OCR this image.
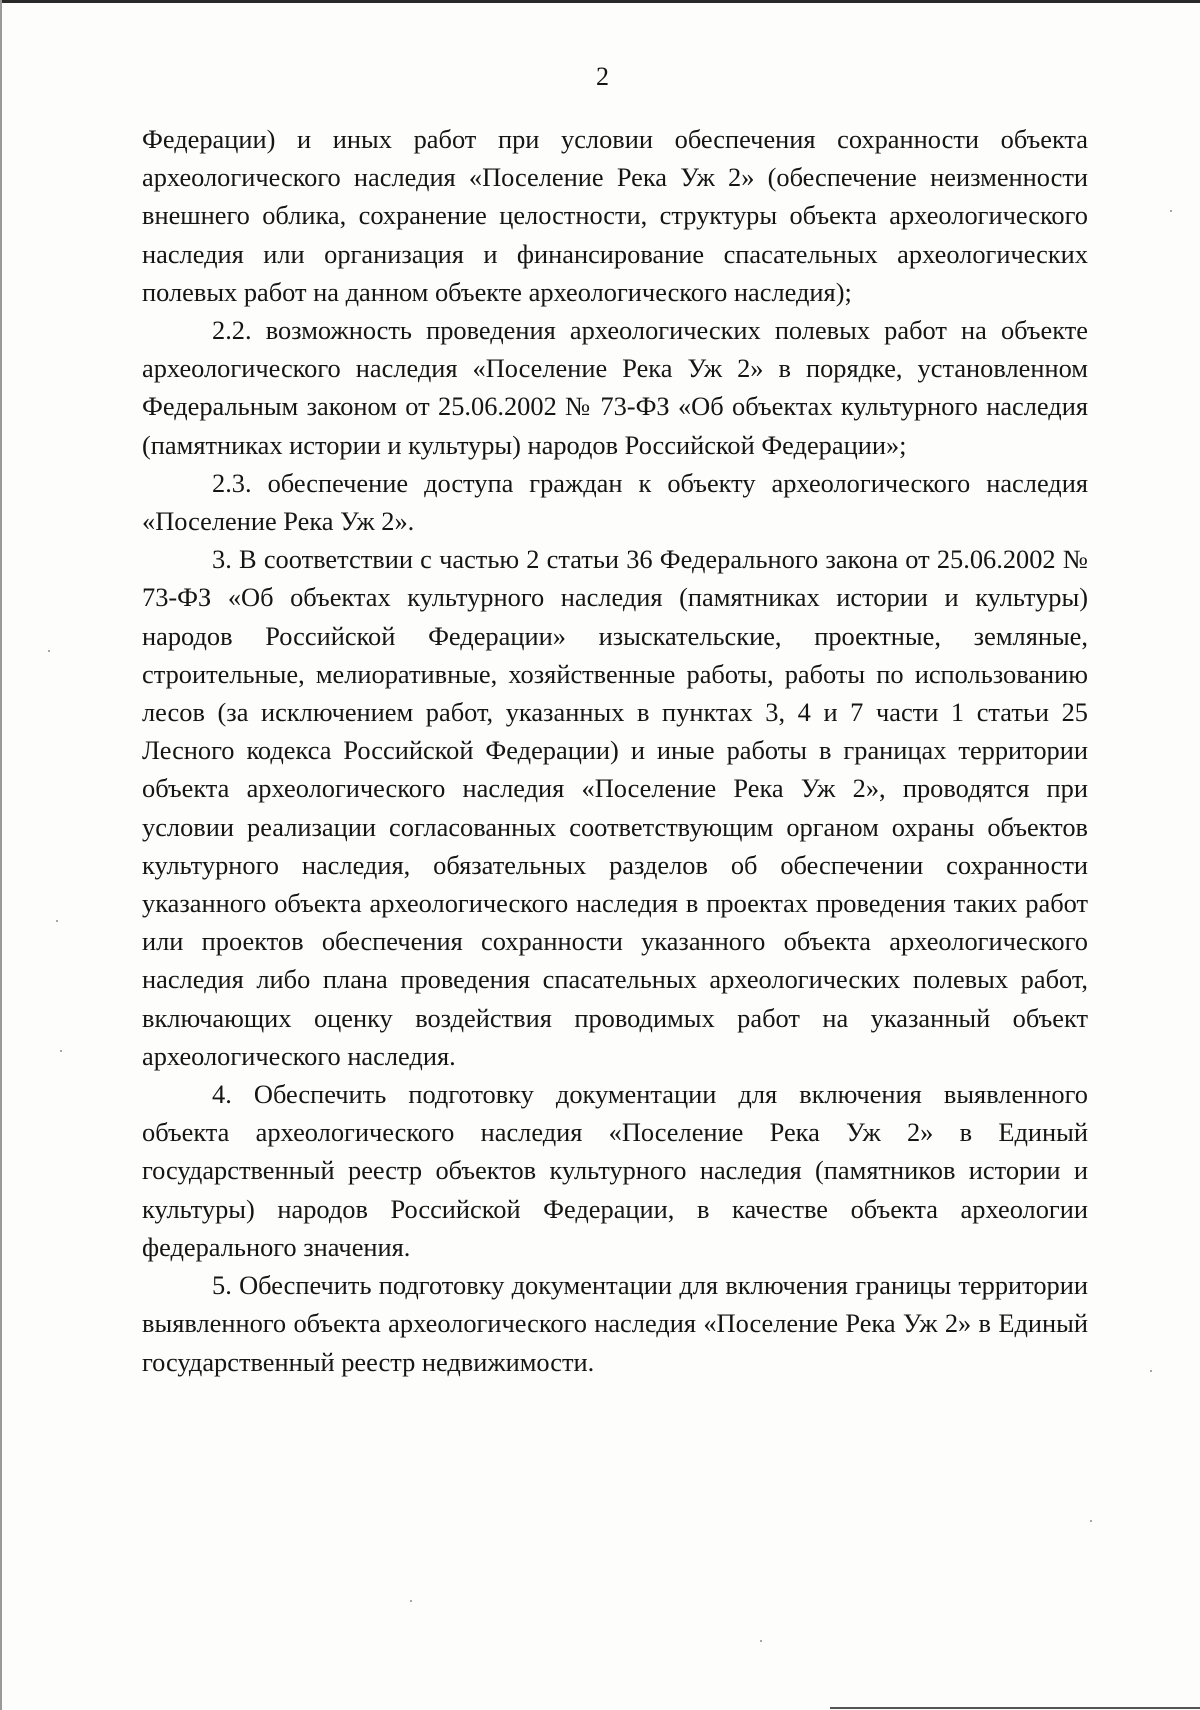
2

Федерации) и иных работ при условии обеспечения сохранности объекта археологического наследия «Поселение Река Уж 2» (обеспечение неизменности внешнего облика, сохранение целостности, структуры объекта археологического наследия или организация и финансирование спасательных археологических полевых работ на данном объекте археологического наследия);

2.2. возможность проведения археологических полевых работ на объекте археологического наследия «Поселение Река Уж 2» в порядке, установленном Федеральным законом от 25.06.2002 № 73-ФЗ «Об объектах культурного наследия (памятниках истории и культуры) народов Российской Федерации»;

2.3. обеспечение доступа граждан к объекту археологического наследия «Поселение Река Уж 2».

3. В соответствии с частью 2 статьи 36 Федерального закона от 25.06.2002 № 73-ФЗ «Об объектах культурного наследия (памятниках истории и культуры) народов Российской Федерации» изыскательские, проектные, земляные, строительные, мелиоративные, хозяйственные работы, работы по использованию лесов (за исключением работ, указанных в пунктах 3, 4 и 7 части 1 статьи 25 Лесного кодекса Российской Федерации) и иные работы в границах территории объекта археологического наследия «Поселение Река Уж 2», проводятся при условии реализации согласованных соответствующим органом охраны объектов культурного наследия, обязательных разделов об обеспечении сохранности указанного объекта археологического наследия в проектах проведения таких работ или проектов обеспечения сохранности указанного объекта археологического наследия либо плана проведения спасательных археологических полевых работ, включающих оценку воздействия проводимых работ на указанный объект археологического наследия.

4. Обеспечить подготовку документации для включения выявленного объекта археологического наследия «Поселение Река Уж 2» в Единый государственный реестр объектов культурного наследия (памятников истории и культуры) народов Российской Федерации, в качестве объекта археологии федерального значения.

5. Обеспечить подготовку документации для включения границы территории выявленного объекта археологического наследия «Поселение Река Уж 2» в Единый государственный реестр недвижимости.
